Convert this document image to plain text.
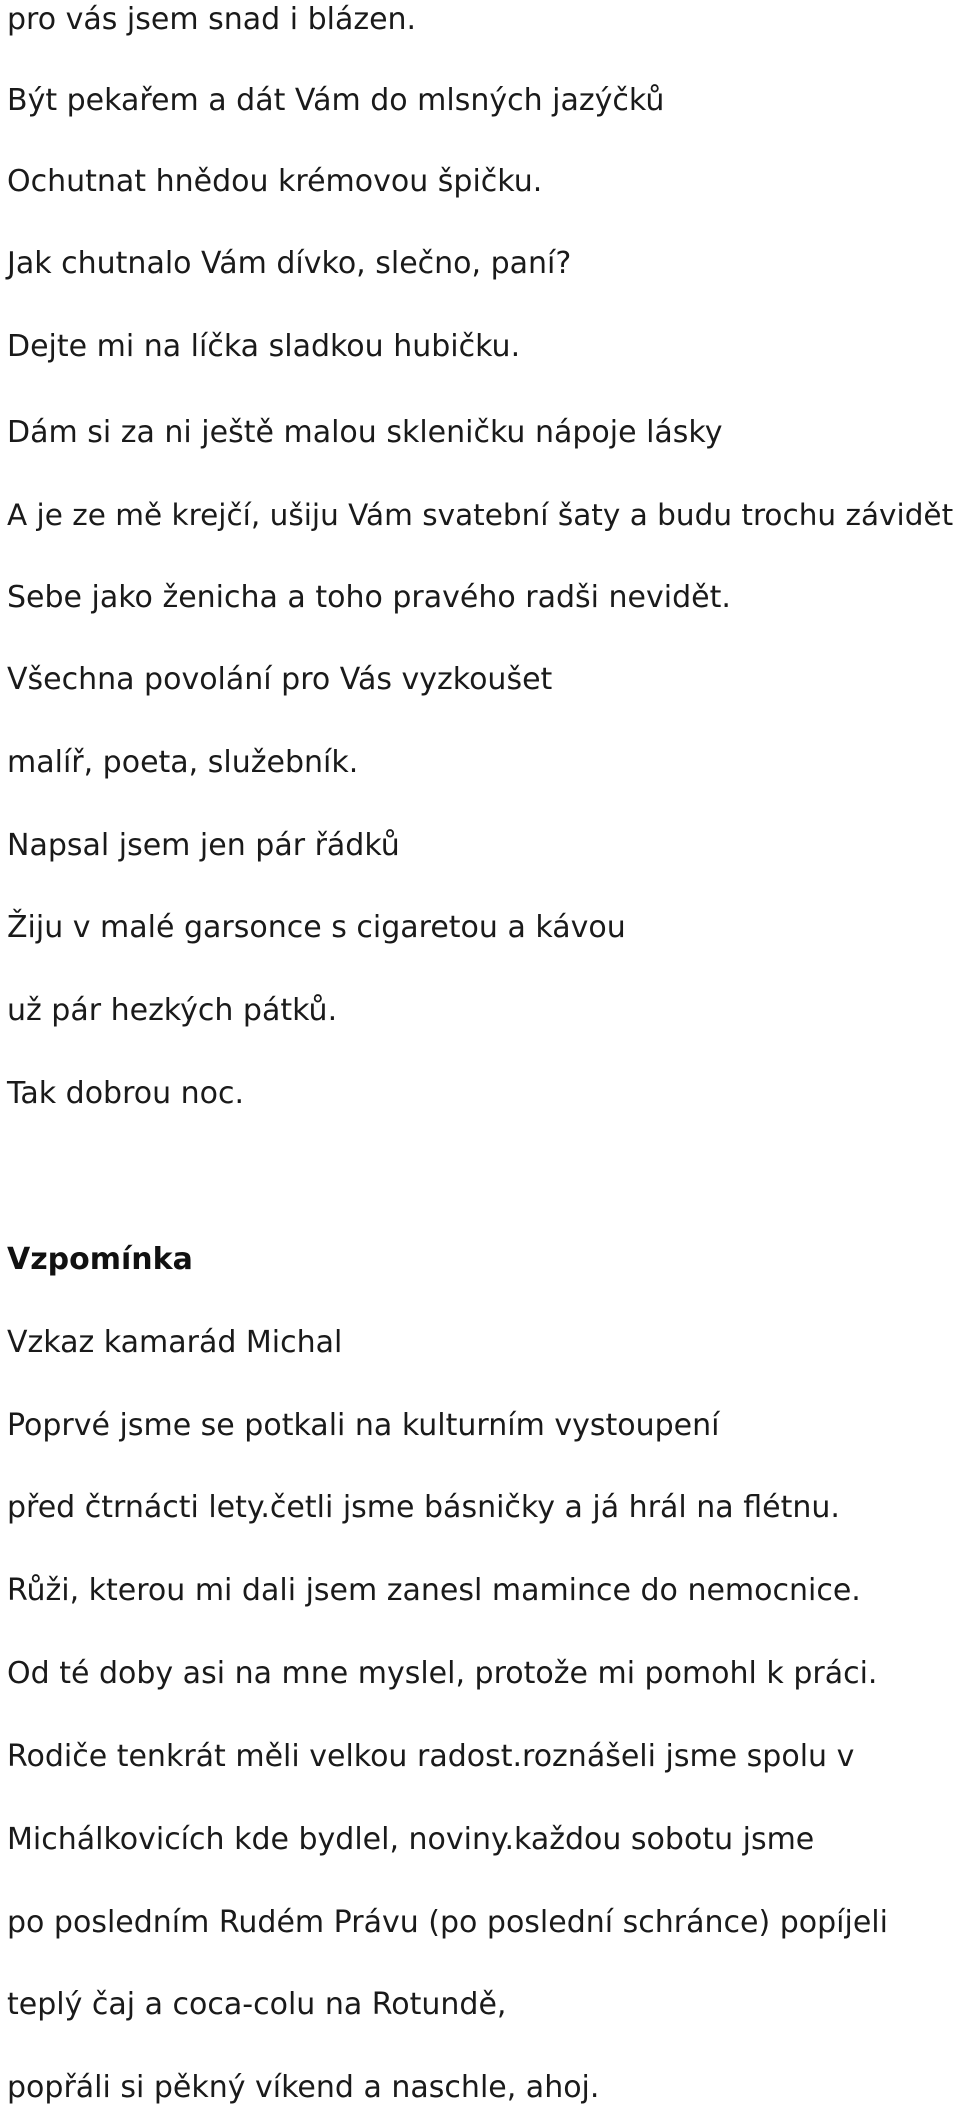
pro vás jsem snad i blázen.

Být pekařem a dát Vám do mlsných jazýčků

Ochutnat hnědou krémovou špičku.

Jak chutnalo Vám dívko, slečno, paní?

Dejte mi na líčka sladkou hubičku.

Dám si za ni ještě malou skleničku nápoje lásky

A je ze mě krejčí, ušiju Vám svatební šaty a budu trochu závidět

Sebe jako ženicha a toho pravého radši nevidět.

Všechna povolání pro Vás vyzkoušet

malíř, poeta, služebník.

Napsal jsem jen pár řádků

Žiju v malé garsonce s cigaretou a kávou

už pár hezkých pátků.

Tak dobrou noc.

Vzpomínka

Vzkaz kamarád Michal

Poprvé jsme se potkali na kulturním vystoupení

před čtrnácti lety.četli jsme básničky a já hrál na flétnu.

Růži, kterou mi dali jsem zanesl mamince do nemocnice.

Od té doby asi na mne myslel, protože mi pomohl k práci.

Rodiče tenkrát měli velkou radost.roznášeli jsme spolu v

Michálkovicích kde bydlel, noviny.každou sobotu jsme

po posledním Rudém Právu (po poslední schránce) popíjeli

teplý čaj a coca-colu na Rotundě,

popřáli si pěkný víkend a naschle, ahoj.
